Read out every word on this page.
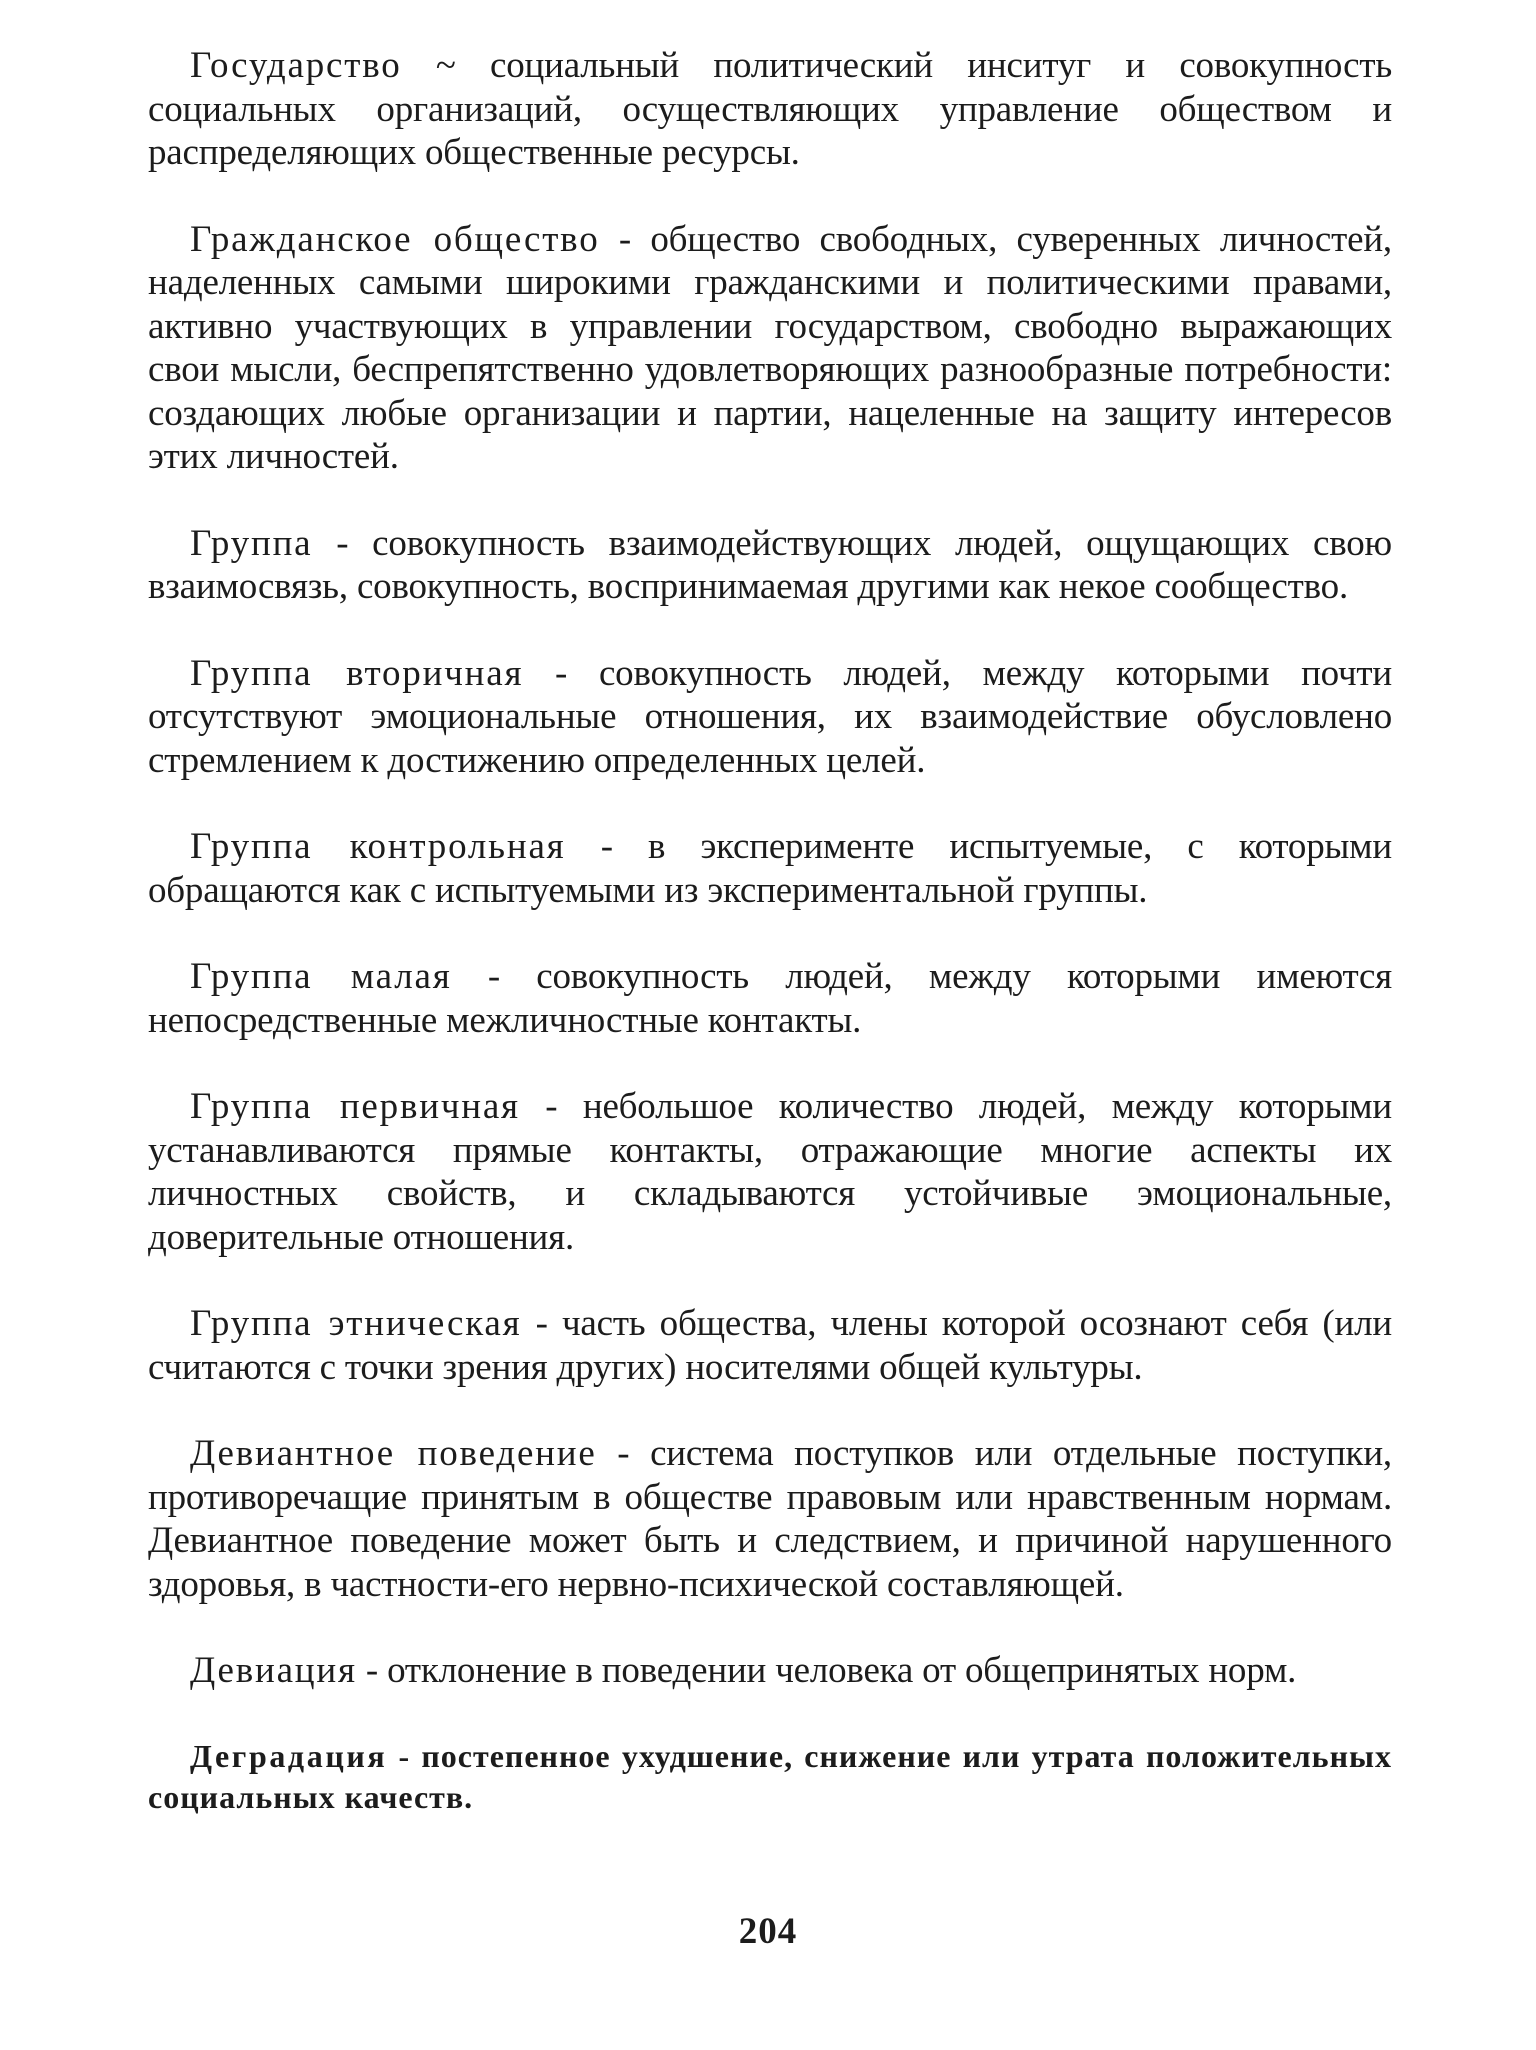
Государство ~ социальный политический инситуг и совокупность социальных организаций, осуществляющих управление обществом и распределяющих общественные ресурсы.

Гражданское общество - общество свободных, суверенных личностей, наделенных самыми широкими гражданскими и политическими правами, активно участвующих в управлении государством, свободно выражающих свои мысли, беспрепятственно удовлетворяющих разнообразные потребности: создающих любые организации и партии, нацеленные на защиту интересов этих личностей.

Группа - совокупность взаимодействующих людей, ощущающих свою взаимосвязь, совокупность, воспринимаемая другими как некое сообщество.

Группа вторичная - совокупность людей, между которыми почти отсутствуют эмоциональные отношения, их взаимодействие обусловлено стремлением к достижению определенных целей.

Группа контрольная - в эксперименте испытуемые, с которыми обращаются как с испытуемыми из экспериментальной группы.

Группа малая - совокупность людей, между которыми имеются непосредственные межличностные контакты.

Группа первичная - небольшое количество людей, между которыми устанавливаются прямые контакты, отражающие многие аспекты их личностных свойств, и складываются устойчивые эмоциональные, доверительные отношения.

Группа этническая - часть общества, члены которой осознают себя (или считаются с точки зрения других) носителями общей культуры.

Девиантное поведение - система поступков или отдельные поступки, противоречащие принятым в обществе правовым или нравственным нормам. Девиантное поведение может быть и следствием, и причиной нарушенного здоровья, в частности-его нервно-психической составляющей.

Девиация - отклонение в поведении человека от общепринятых норм.

Деградация - постепенное ухудшение, снижение или утрата положительных социальных качеств.

204
